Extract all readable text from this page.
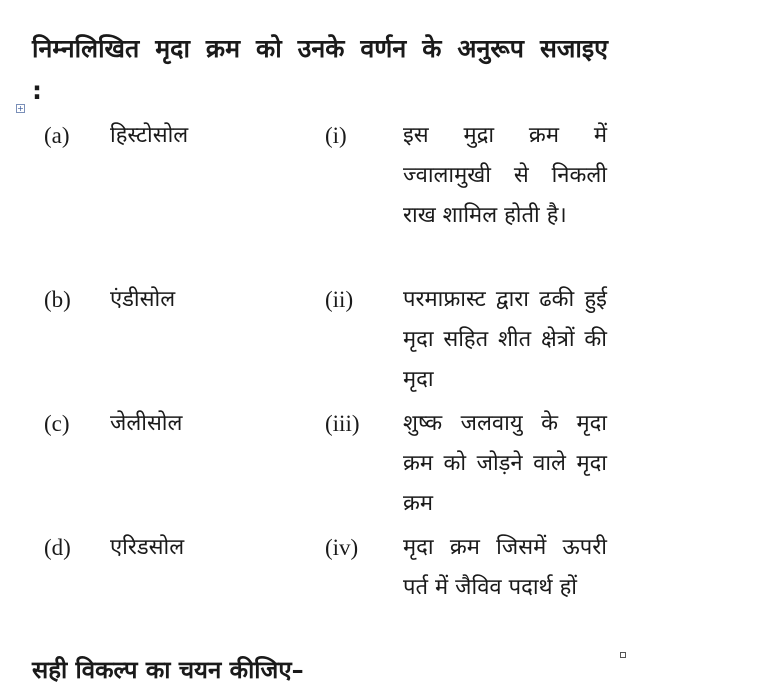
निम्नलिखित मृदा क्रम को उनके वर्णन के अनुरूप सजाइए :
+
(a) हिस्टोसोल	(i)	इस मुद्रा क्रम में ज्वालामुखी से निकली राख शामिल होती है।
(b) एंडीसोल	(ii) परमाफ्रास्ट द्वारा ढकी हुई मृदा सहित शीत क्षेत्रों की मृदा
(c) जेलीसोल	(iii) शुष्क जलवायु के मृदा क्रम को जोड़ने वाले मृदा क्रम
(d) एरिडसोल	(iv) मृदा क्रम जिसमें ऊपरी पर्त में जैविव पदार्थ हों
सही विकल्प का चयन कीजिए–
